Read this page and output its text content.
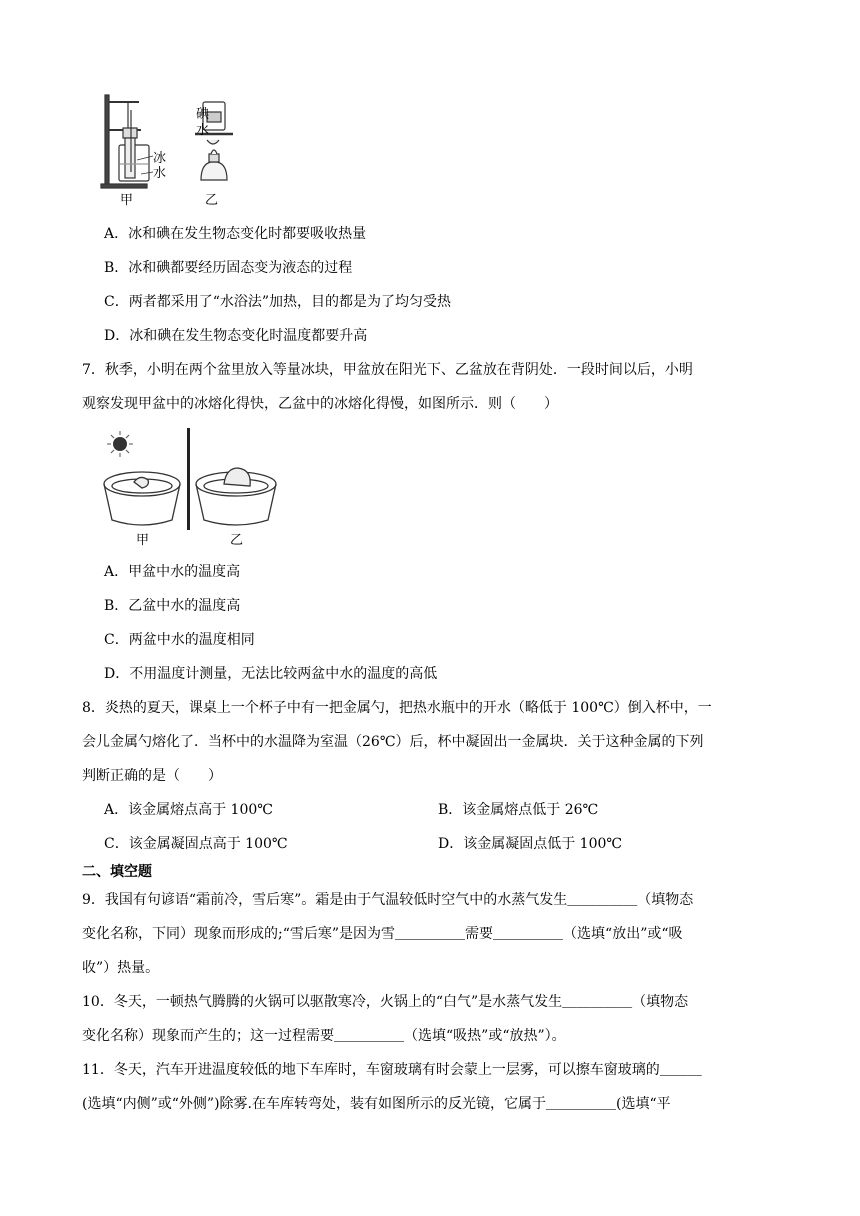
冰
水
甲
碘
水
乙
A．冰和碘在发生物态变化时都要吸收热量
B．冰和碘都要经历固态变为液态的过程
C．两者都采用了“水浴法”加热，目的都是为了均匀受热
D．冰和碘在发生物态变化时温度都要升高
7．秋季，小明在两个盆里放入等量冰块，甲盆放在阳光下、乙盆放在背阴处．一段时间以后，小明
观察发现甲盆中的冰熔化得快，乙盆中的冰熔化得慢，如图所示．则（　　）
甲	乙
A．甲盆中水的温度高
B．乙盆中水的温度高
C．两盆中水的温度相同
D．不用温度计测量，无法比较两盆中水的温度的高低
8．炎热的夏天，课桌上一个杯子中有一把金属勺，把热水瓶中的开水（略低于 100℃）倒入杯中，一
会儿金属勺熔化了．当杯中的水温降为室温（26℃）后，杯中凝固出一金属块．关于这种金属的下列
判断正确的是（　　）
A．该金属熔点高于 100℃	B．该金属熔点低于 26℃
C．该金属凝固点高于 100℃	D．该金属凝固点低于 100℃
二、填空题
9．我国有句谚语“霜前冷，雪后寒”。霜是由于气温较低时空气中的水蒸气发生＿＿＿＿＿（填物态
变化名称，下同）现象而形成的;“雪后寒”是因为雪＿＿＿＿＿需要＿＿＿＿＿（选填“放出”或“吸
收”）热量。
10．冬天，一顿热气腾腾的火锅可以驱散寒冷，火锅上的“白气”是水蒸气发生＿＿＿＿＿（填物态
变化名称）现象而产生的；这一过程需要＿＿＿＿＿（选填“吸热”或“放热”）。
11．冬天，汽车开进温度较低的地下车库时，车窗玻璃有时会蒙上一层雾，可以擦车窗玻璃的＿＿＿
(选填“内侧”或“外侧”)除雾.在车库转弯处，装有如图所示的反光镜，它属于＿＿＿＿＿(选填“平
